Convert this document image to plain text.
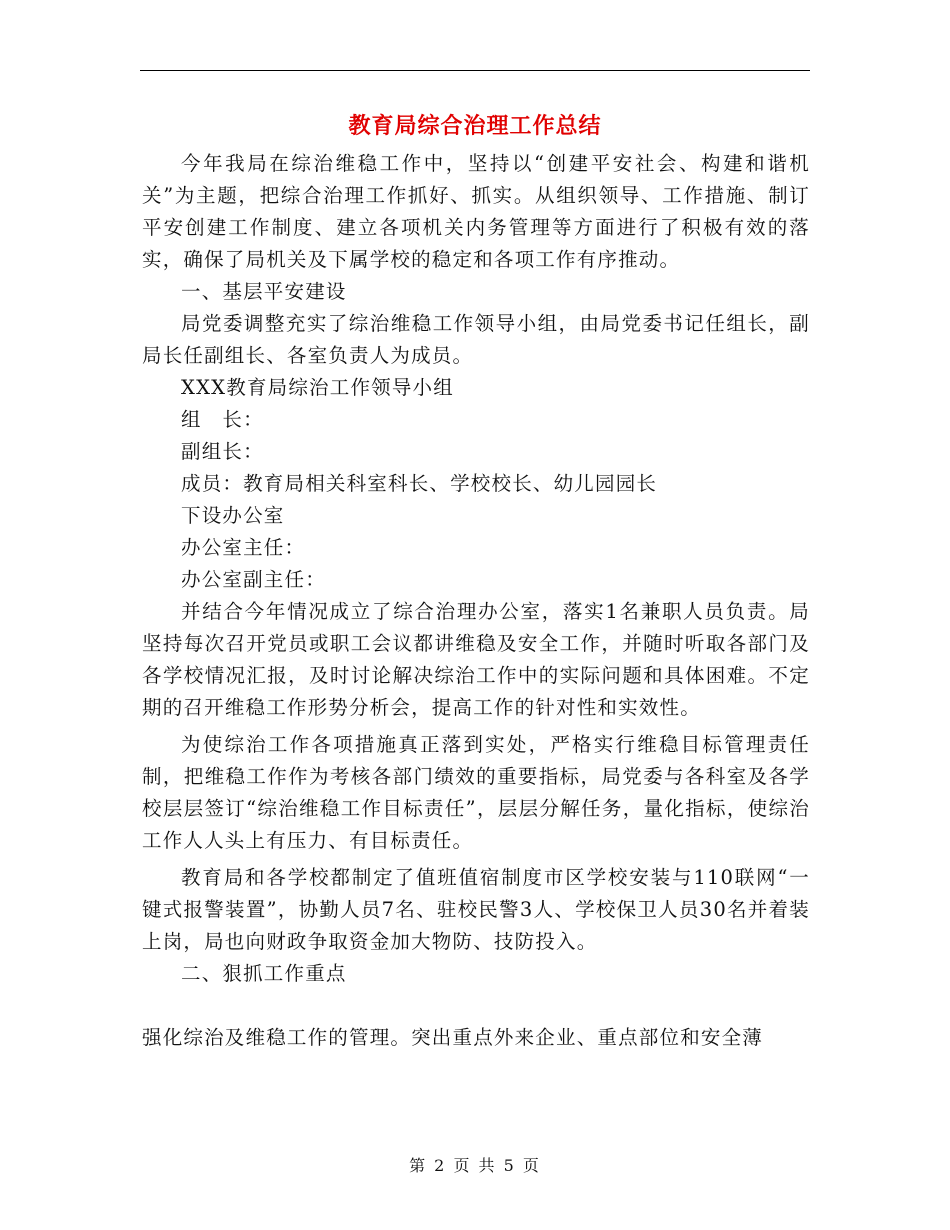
教育局综合治理工作总结

今年我局在综治维稳工作中，坚持以“创建平安社会、构建和谐机关”为主题，把综合治理工作抓好、抓实。从组织领导、工作措施、制订平安创建工作制度、建立各项机关内务管理等方面进行了积极有效的落实，确保了局机关及下属学校的稳定和各项工作有序推动。

一、基层平安建设

局党委调整充实了综治维稳工作领导小组，由局党委书记任组长，副局长任副组长、各室负责人为成员。

XXX教育局综治工作领导小组

组　长：

副组长：

成员：教育局相关科室科长、学校校长、幼儿园园长

下设办公室

办公室主任：

办公室副主任：

并结合今年情况成立了综合治理办公室，落实1名兼职人员负责。局坚持每次召开党员或职工会议都讲维稳及安全工作，并随时听取各部门及各学校情况汇报，及时讨论解决综治工作中的实际问题和具体困难。不定期的召开维稳工作形势分析会，提高工作的针对性和实效性。

为使综治工作各项措施真正落到实处，严格实行维稳目标管理责任制，把维稳工作作为考核各部门绩效的重要指标，局党委与各科室及各学校层层签订“综治维稳工作目标责任”，层层分解任务，量化指标，使综治工作人人头上有压力、有目标责任。

教育局和各学校都制定了值班值宿制度市区学校安装与110联网“一键式报警装置”，协勤人员7名、驻校民警3人、学校保卫人员30名并着装上岗，局也向财政争取资金加大物防、技防投入。

二、狠抓工作重点

强化综治及维稳工作的管理。突出重点外来企业、重点部位和安全薄

第 2 页 共 5 页
